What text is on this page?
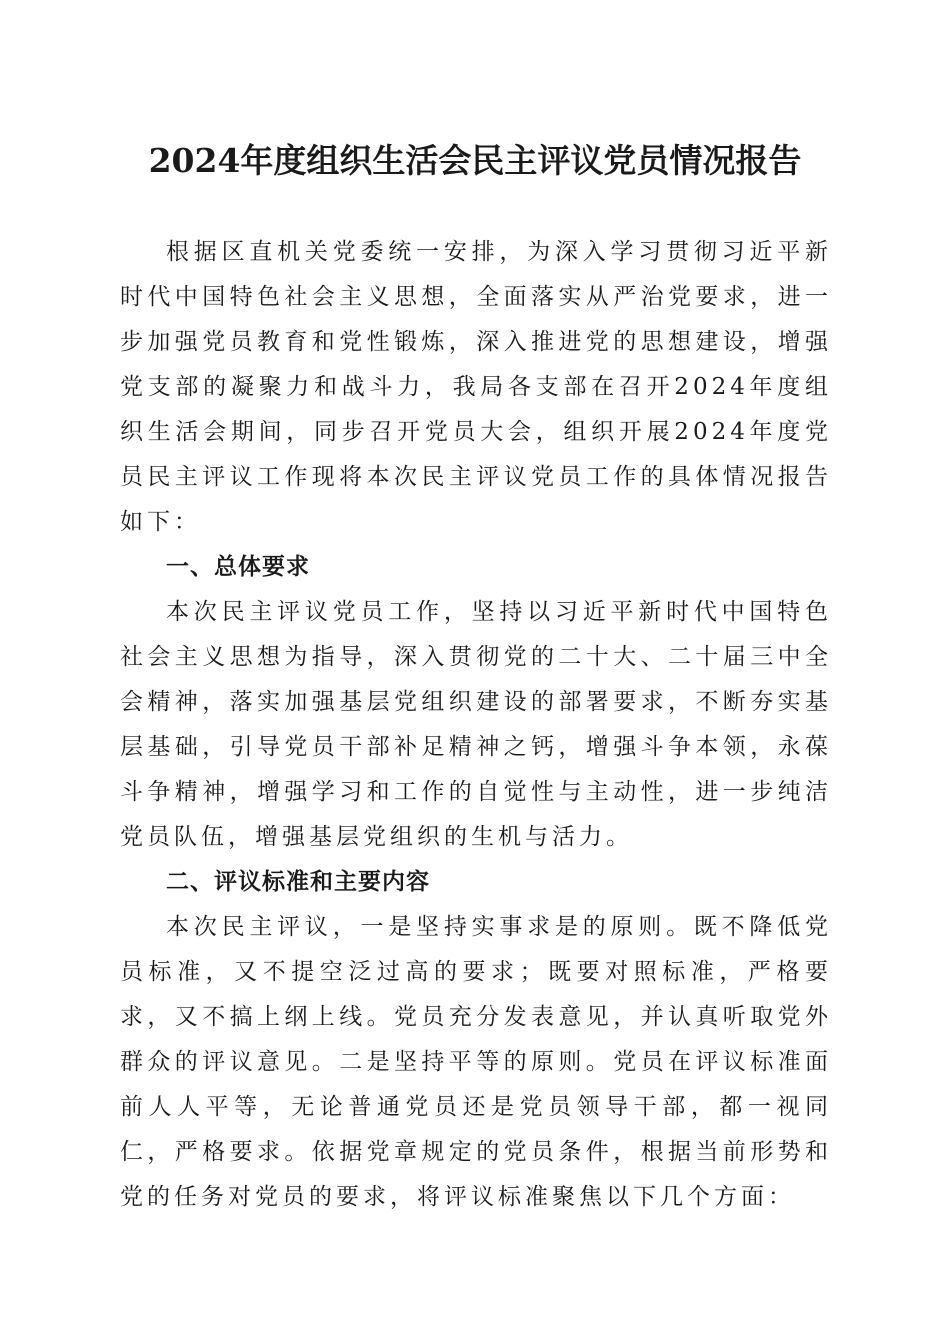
2024年度组织生活会民主评议党员情况报告

根据区直机关党委统一安排，为深入学习贯彻习近平新时代中国特色社会主义思想，全面落实从严治党要求，进一步加强党员教育和党性锻炼，深入推进党的思想建设，增强党支部的凝聚力和战斗力，我局各支部在召开2024年度组织生活会期间，同步召开党员大会，组织开展2024年度党员民主评议工作现将本次民主评议党员工作的具体情况报告如下：

一、总体要求

本次民主评议党员工作，坚持以习近平新时代中国特色社会主义思想为指导，深入贯彻党的二十大、二十届三中全会精神，落实加强基层党组织建设的部署要求，不断夯实基层基础，引导党员干部补足精神之钙，增强斗争本领，永葆斗争精神，增强学习和工作的自觉性与主动性，进一步纯洁党员队伍，增强基层党组织的生机与活力。

二、评议标准和主要内容

本次民主评议，一是坚持实事求是的原则。既不降低党员标准，又不提空泛过高的要求；既要对照标准，严格要求，又不搞上纲上线。党员充分发表意见，并认真听取党外群众的评议意见。二是坚持平等的原则。党员在评议标准面前人人平等，无论普通党员还是党员领导干部，都一视同仁，严格要求。依据党章规定的党员条件，根据当前形势和党的任务对党员的要求，将评议标准聚焦以下几个方面：
